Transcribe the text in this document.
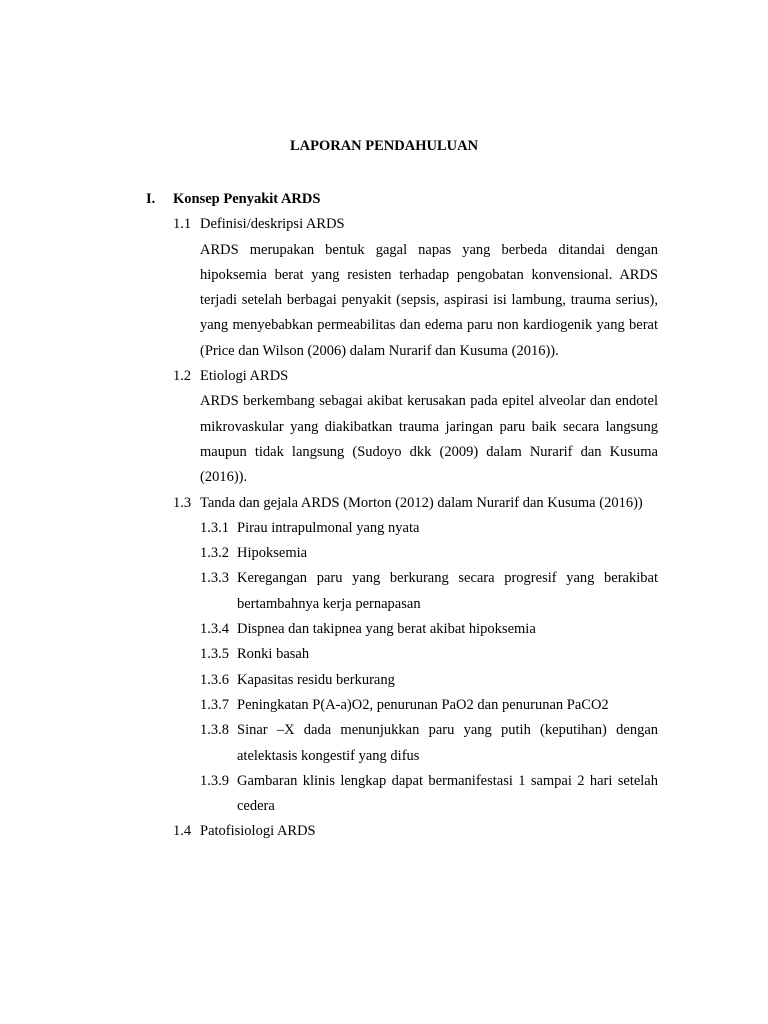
LAPORAN PENDAHULUAN
I. Konsep Penyakit ARDS
1.1 Definisi/deskripsi ARDS
ARDS merupakan bentuk gagal napas yang berbeda ditandai dengan hipoksemia berat yang resisten terhadap pengobatan konvensional. ARDS terjadi setelah berbagai penyakit (sepsis, aspirasi isi lambung, trauma serius), yang menyebabkan permeabilitas dan edema paru non kardiogenik yang berat (Price dan Wilson (2006) dalam Nurarif dan Kusuma (2016)).
1.2 Etiologi ARDS
ARDS berkembang sebagai akibat kerusakan pada epitel alveolar dan endotel mikrovaskular yang diakibatkan trauma jaringan paru baik secara langsung maupun tidak langsung (Sudoyo dkk (2009) dalam Nurarif dan Kusuma (2016)).
1.3 Tanda dan gejala ARDS (Morton (2012) dalam Nurarif dan Kusuma (2016))
1.3.1 Pirau intrapulmonal yang nyata
1.3.2 Hipoksemia
1.3.3 Keregangan paru yang berkurang secara progresif yang berakibat bertambahnya kerja pernapasan
1.3.4 Dispnea dan takipnea yang berat akibat hipoksemia
1.3.5 Ronki basah
1.3.6 Kapasitas residu berkurang
1.3.7 Peningkatan P(A-a)O2, penurunan PaO2 dan penurunan PaCO2
1.3.8 Sinar –X dada menunjukkan paru yang putih (keputihan) dengan atelektasis kongestif yang difus
1.3.9 Gambaran klinis lengkap dapat bermanifestasi 1 sampai 2 hari setelah cedera
1.4 Patofisiologi ARDS
